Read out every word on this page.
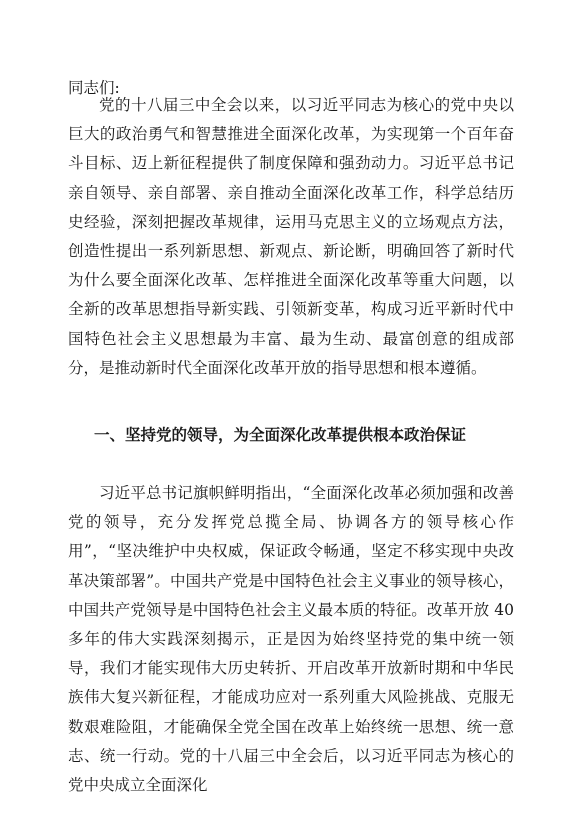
同志们:

党的十八届三中全会以来，以习近平同志为核心的党中央以巨大的政治勇气和智慧推进全面深化改革，为实现第一个百年奋斗目标、迈上新征程提供了制度保障和强劲动力。习近平总书记亲自领导、亲自部署、亲自推动全面深化改革工作，科学总结历史经验，深刻把握改革规律，运用马克思主义的立场观点方法，创造性提出一系列新思想、新观点、新论断，明确回答了新时代为什么要全面深化改革、怎样推进全面深化改革等重大问题，以全新的改革思想指导新实践、引领新变革，构成习近平新时代中国特色社会主义思想最为丰富、最为生动、最富创意的组成部分，是推动新时代全面深化改革开放的指导思想和根本遵循。

一、坚持党的领导，为全面深化改革提供根本政治保证

习近平总书记旗帜鲜明指出，“全面深化改革必须加强和改善党的领导，充分发挥党总揽全局、协调各方的领导核心作用”，“坚决维护中央权威，保证政令畅通，坚定不移实现中央改革决策部署”。中国共产党是中国特色社会主义事业的领导核心，中国共产党领导是中国特色社会主义最本质的特征。改革开放 40 多年的伟大实践深刻揭示，正是因为始终坚持党的集中统一领导，我们才能实现伟大历史转折、开启改革开放新时期和中华民族伟大复兴新征程，才能成功应对一系列重大风险挑战、克服无数艰难险阻，才能确保全党全国在改革上始终统一思想、统一意志、统一行动。党的十八届三中全会后，以习近平同志为核心的党中央成立全面深化
